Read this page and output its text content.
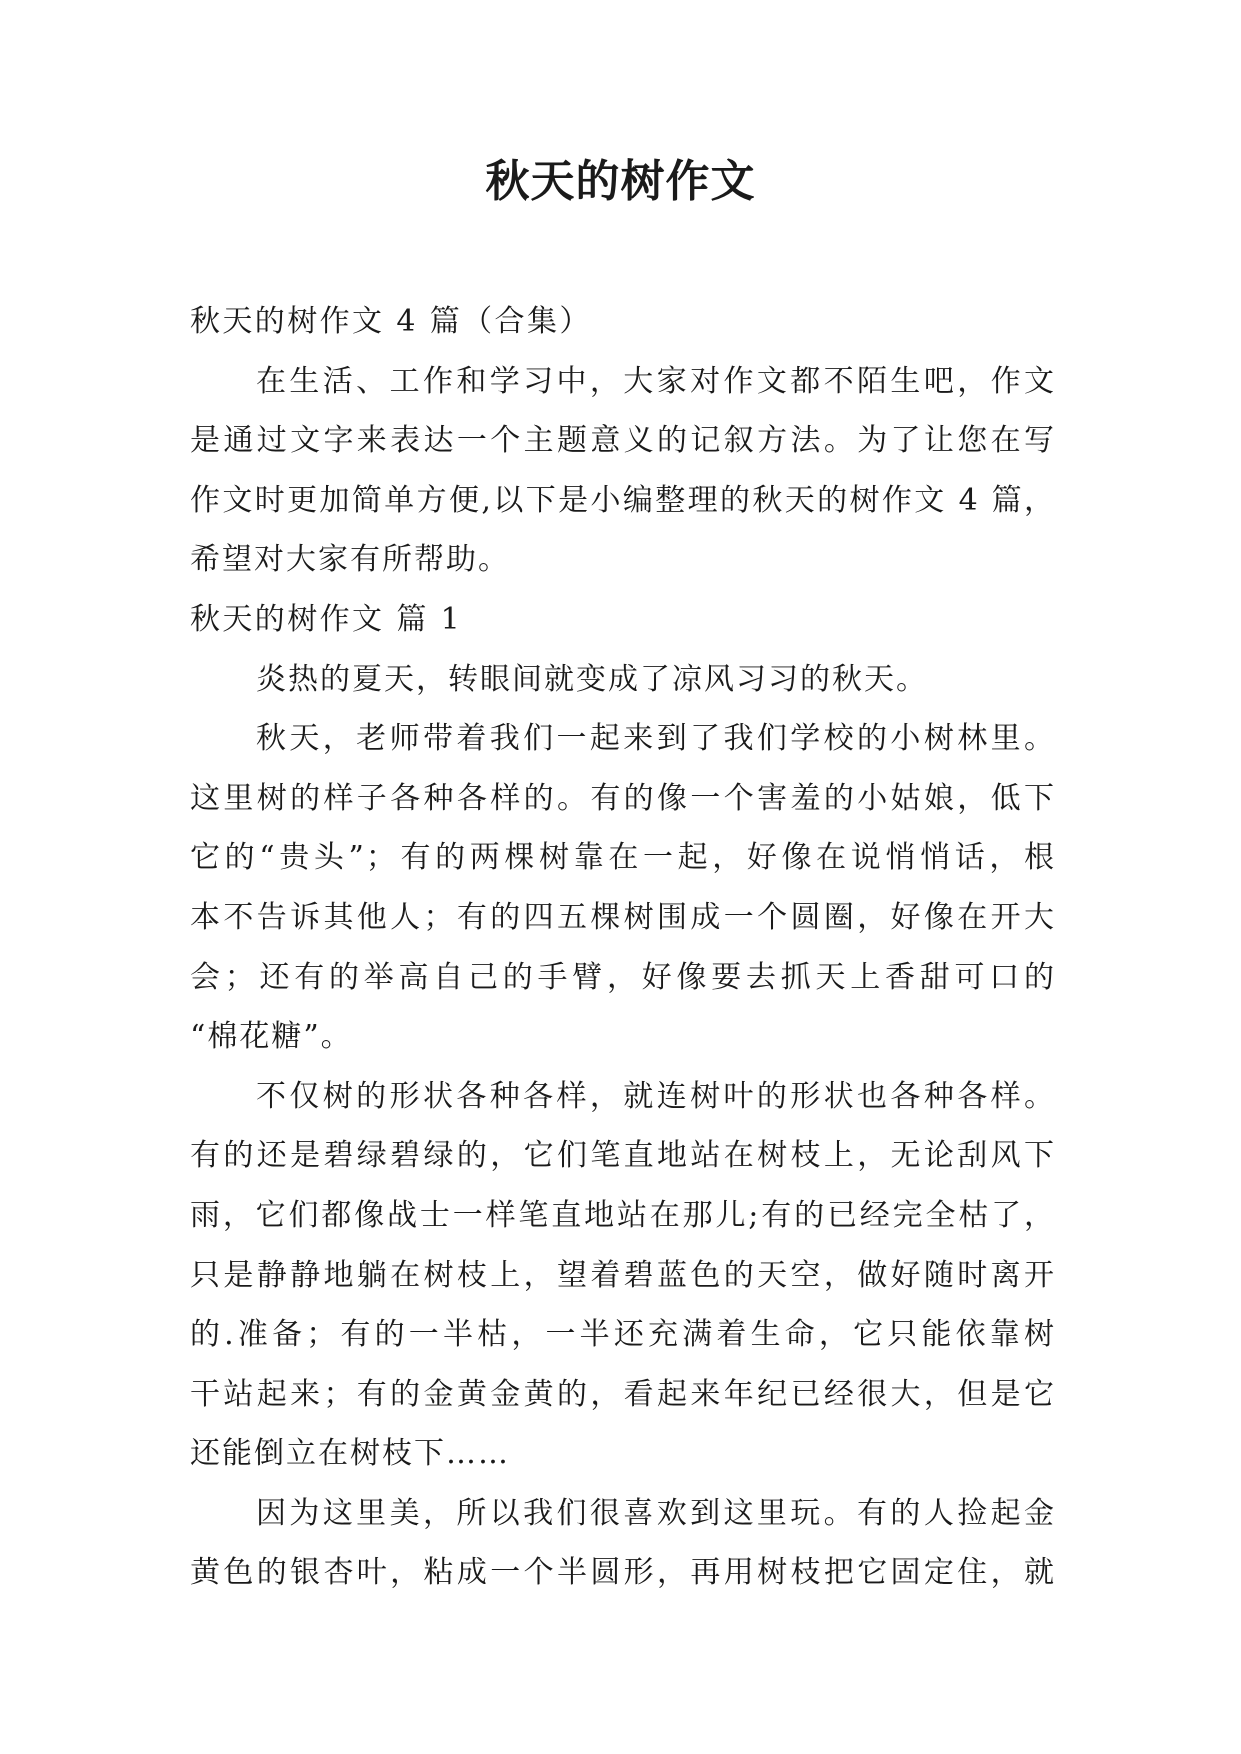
秋天的树作文
秋天的树作文 4 篇（合集）
在生活、工作和学习中，大家对作文都不陌生吧，作文
是通过文字来表达一个主题意义的记叙方法。为了让您在写
作文时更加简单方便,以下是小编整理的秋天的树作文 4 篇，
希望对大家有所帮助。
秋天的树作文 篇 1
炎热的夏天，转眼间就变成了凉风习习的秋天。
秋天，老师带着我们一起来到了我们学校的小树林里。
这里树的样子各种各样的。有的像一个害羞的小姑娘，低下
它的“贵头”；有的两棵树靠在一起，好像在说悄悄话，根
本不告诉其他人；有的四五棵树围成一个圆圈，好像在开大
会；还有的举高自己的手臂，好像要去抓天上香甜可口的
“棉花糖”。
不仅树的形状各种各样，就连树叶的形状也各种各样。
有的还是碧绿碧绿的，它们笔直地站在树枝上，无论刮风下
雨，它们都像战士一样笔直地站在那儿;有的已经完全枯了，
只是静静地躺在树枝上，望着碧蓝色的天空，做好随时离开
的.准备；有的一半枯，一半还充满着生命，它只能依靠树
干站起来；有的金黄金黄的，看起来年纪已经很大，但是它
还能倒立在树枝下……
因为这里美，所以我们很喜欢到这里玩。有的人捡起金
黄色的银杏叶，粘成一个半圆形，再用树枝把它固定住，就
